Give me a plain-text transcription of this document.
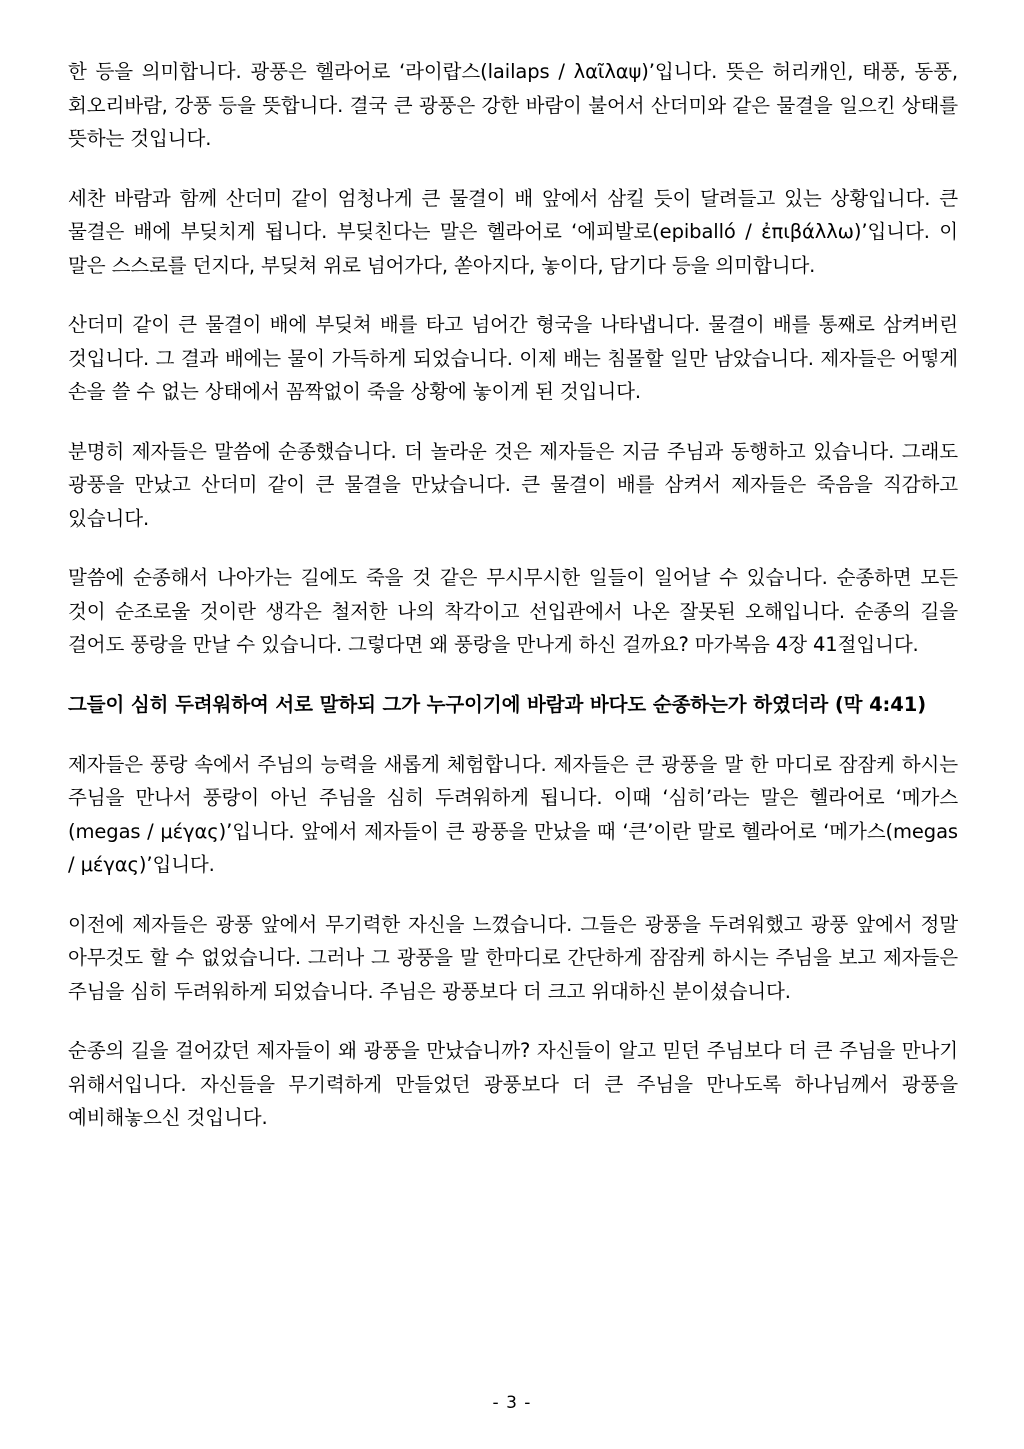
한 등을 의미합니다. 광풍은 헬라어로 ‘라이랍스(lailaps / λαῖλαψ)’입니다. 뜻은 허리캐인, 태풍, 동풍, 회오리바람, 강풍 등을 뜻합니다. 결국 큰 광풍은 강한 바람이 불어서 산더미와 같은 물결을 일으킨 상태를 뜻하는 것입니다.

세찬 바람과 함께 산더미 같이 엄청나게 큰 물결이 배 앞에서 삼킬 듯이 달려들고 있는 상황입니다. 큰 물결은 배에 부딪치게 됩니다. 부딪친다는 말은 헬라어로 ‘에피발로(epiballó / ἐπιβάλλω)’입니다. 이 말은 스스로를 던지다, 부딪쳐 위로 넘어가다, 쏟아지다, 놓이다, 담기다 등을 의미합니다.

산더미 같이 큰 물결이 배에 부딪쳐 배를 타고 넘어간 형국을 나타냅니다. 물결이 배를 통째로 삼켜버린 것입니다. 그 결과 배에는 물이 가득하게 되었습니다. 이제 배는 침몰할 일만 남았습니다. 제자들은 어떻게 손을 쓸 수 없는 상태에서 꼼짝없이 죽을 상황에 놓이게 된 것입니다.

분명히 제자들은 말씀에 순종했습니다. 더 놀라운 것은 제자들은 지금 주님과 동행하고 있습니다. 그래도 광풍을 만났고 산더미 같이 큰 물결을 만났습니다. 큰 물결이 배를 삼켜서 제자들은 죽음을 직감하고 있습니다.

말씀에 순종해서 나아가는 길에도 죽을 것 같은 무시무시한 일들이 일어날 수 있습니다. 순종하면 모든 것이 순조로울 것이란 생각은 철저한 나의 착각이고 선입관에서 나온 잘못된 오해입니다. 순종의 길을 걸어도 풍랑을 만날 수 있습니다. 그렇다면 왜 풍랑을 만나게 하신 걸까요? 마가복음 4장 41절입니다.

그들이 심히 두려워하여 서로 말하되 그가 누구이기에 바람과 바다도 순종하는가 하였더라 (막 4:41)

제자들은 풍랑 속에서 주님의 능력을 새롭게 체험합니다. 제자들은 큰 광풍을 말 한 마디로 잠잠케 하시는 주님을 만나서 풍랑이 아닌 주님을 심히 두려워하게 됩니다. 이때 ‘심히’라는 말은 헬라어로 ‘메가스(megas / μέγας)’입니다. 앞에서 제자들이 큰 광풍을 만났을 때 ‘큰’이란 말로 헬라어로 ‘메가스(megas / μέγας)’입니다.

이전에 제자들은 광풍 앞에서 무기력한 자신을 느꼈습니다. 그들은 광풍을 두려워했고 광풍 앞에서 정말 아무것도 할 수 없었습니다. 그러나 그 광풍을 말 한마디로 간단하게 잠잠케 하시는 주님을 보고 제자들은 주님을 심히 두려워하게 되었습니다. 주님은 광풍보다 더 크고 위대하신 분이셨습니다.

순종의 길을 걸어갔던 제자들이 왜 광풍을 만났습니까? 자신들이 알고 믿던 주님보다 더 큰 주님을 만나기 위해서입니다. 자신들을 무기력하게 만들었던 광풍보다 더 큰 주님을 만나도록 하나님께서 광풍을 예비해놓으신 것입니다.

- 3 -
